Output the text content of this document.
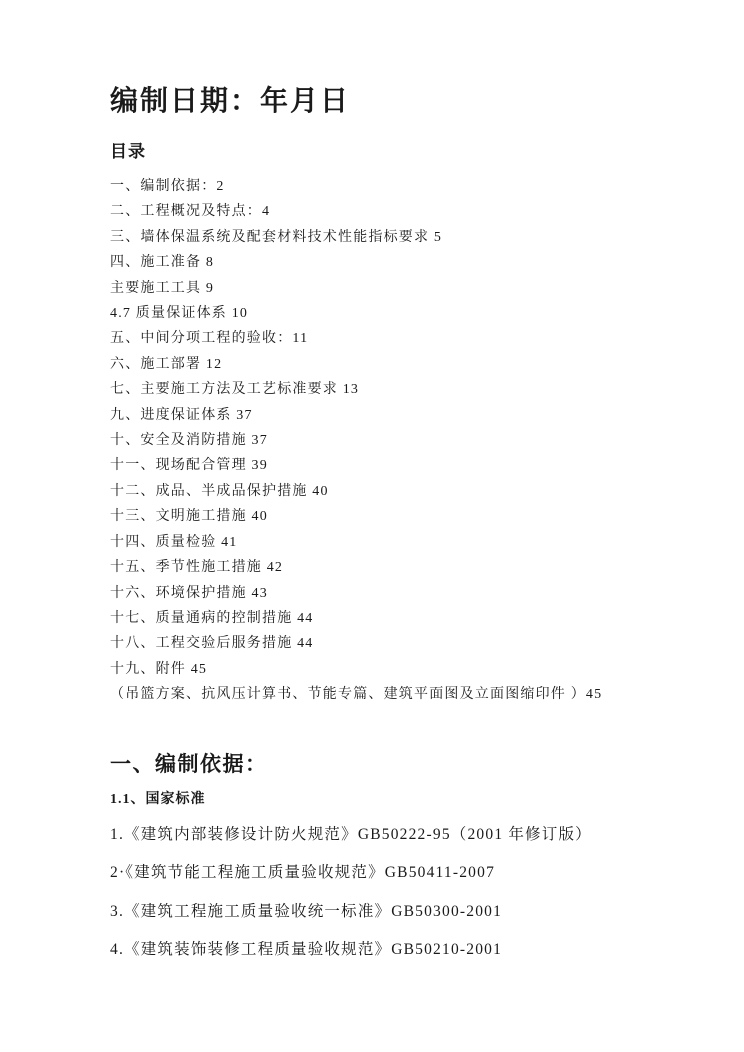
编制日期：年月日
目录

一、编制依据：2

二、工程概况及特点：4

三、墙体保温系统及配套材料技术性能指标要求 5

四、施工准备 8

主要施工工具 9

4.7 质量保证体系 10

五、中间分项工程的验收：11

六、施工部署 12

七、主要施工方法及工艺标准要求 13

九、进度保证体系 37

十、安全及消防措施 37

十一、现场配合管理 39

十二、成品、半成品保护措施 40

十三、文明施工措施 40

十四、质量检验 41

十五、季节性施工措施 42

十六、环境保护措施 43

十七、质量通病的控制措施 44

十八、工程交验后服务措施 44

十九、附件 45

（吊篮方案、抗风压计算书、节能专篇、建筑平面图及立面图缩印件 ）45

一、编制依据：
1.1、国家标准

1.《建筑内部装修设计防火规范》GB50222-95（2001 年修订版）

2·《建筑节能工程施工质量验收规范》GB50411-2007

3.《建筑工程施工质量验收统一标准》GB50300-2001

4.《建筑装饰装修工程质量验收规范》GB50210-2001
